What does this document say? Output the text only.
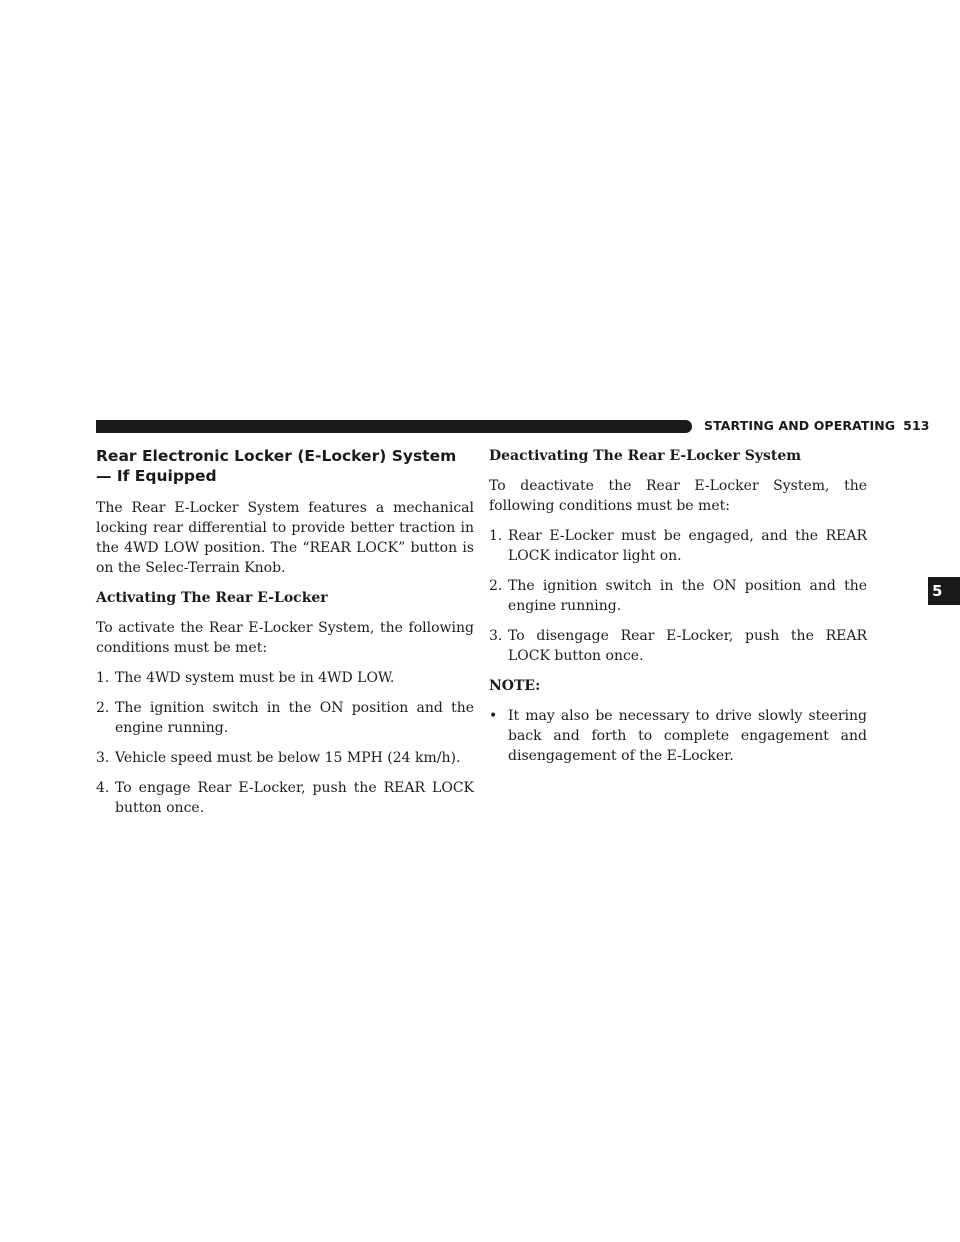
STARTING AND OPERATING 513
5
Rear Electronic Locker (E-Locker) System — If Equipped

The Rear E-Locker System features a mechanical locking rear differential to provide better traction in the 4WD LOW position. The “REAR LOCK” button is on the Selec-Terrain Knob.

Activating The Rear E-Locker

To activate the Rear E-Locker System, the following conditions must be met:

1. The 4WD system must be in 4WD LOW.
2. The ignition switch in the ON position and the engine running.
3. Vehicle speed must be below 15 MPH (24 km/h).
4. To engage Rear E-Locker, push the REAR LOCK button once.
Deactivating The Rear E-Locker System

To deactivate the Rear E-Locker System, the following conditions must be met:

1. Rear E-Locker must be engaged, and the REAR LOCK indicator light on.
2. The ignition switch in the ON position and the engine running.
3. To disengage Rear E-Locker, push the REAR LOCK button once.
NOTE:
• It may also be necessary to drive slowly steering back and forth to complete engagement and disengagement of the E-Locker.
